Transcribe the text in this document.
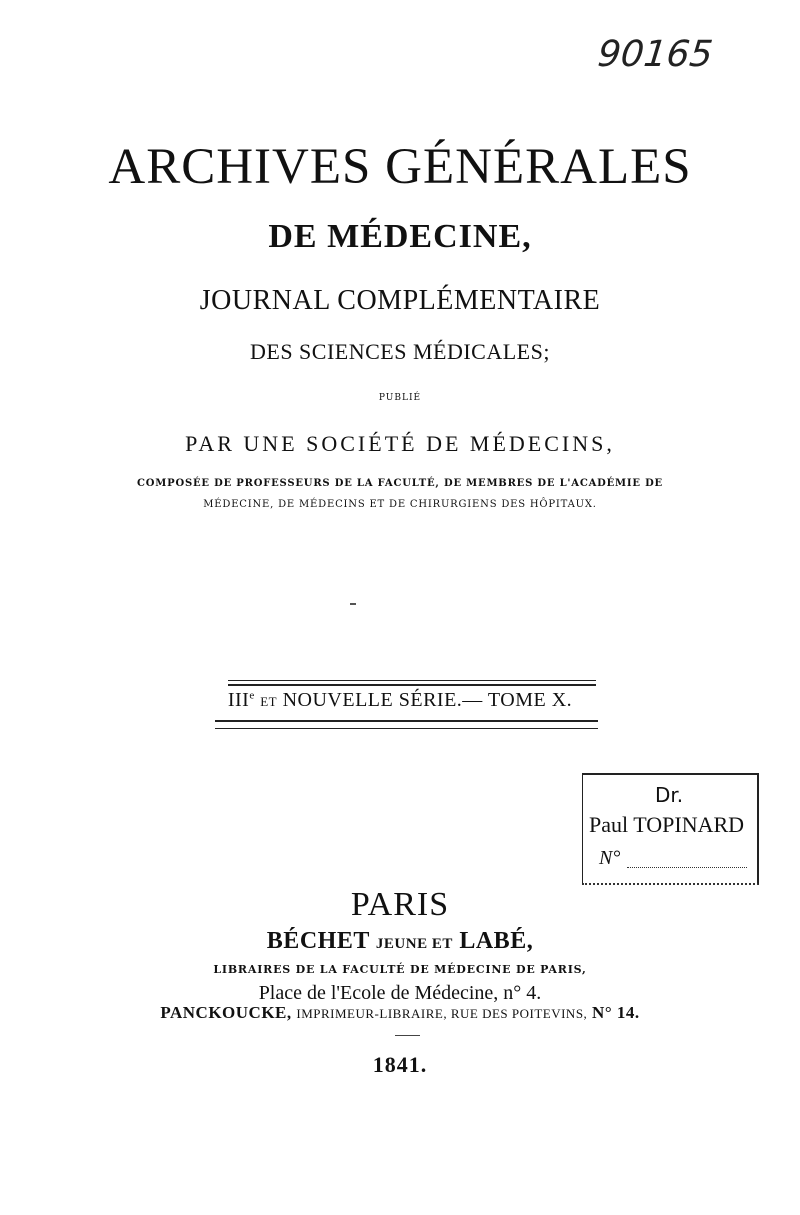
90165
ARCHIVES GÉNÉRALES
DE MÉDECINE,
JOURNAL COMPLÉMENTAIRE
DES SCIENCES MÉDICALES;
PUBLIÉ
PAR UNE SOCIÉTÉ DE MÉDECINS,
COMPOSÉE DE PROFESSEURS DE LA FACULTÉ, DE MEMBRES DE L'ACADÉMIE DE
MÉDECINE, DE MÉDECINS ET DE CHIRURGIENS DES HÔPITAUX.
IIIe ET NOUVELLE SÉRIE.— TOME X.
Dr.
Paul TOPINARD
N°
PARIS
BÉCHET JEUNE ET LABÉ,
LIBRAIRES DE LA FACULTÉ DE MÉDECINE DE PARIS,
Place de l'Ecole de Médecine, n° 4.
PANCKOUCKE, IMPRIMEUR-LIBRAIRE, RUE DES POITEVINS, N° 14.
1841.
